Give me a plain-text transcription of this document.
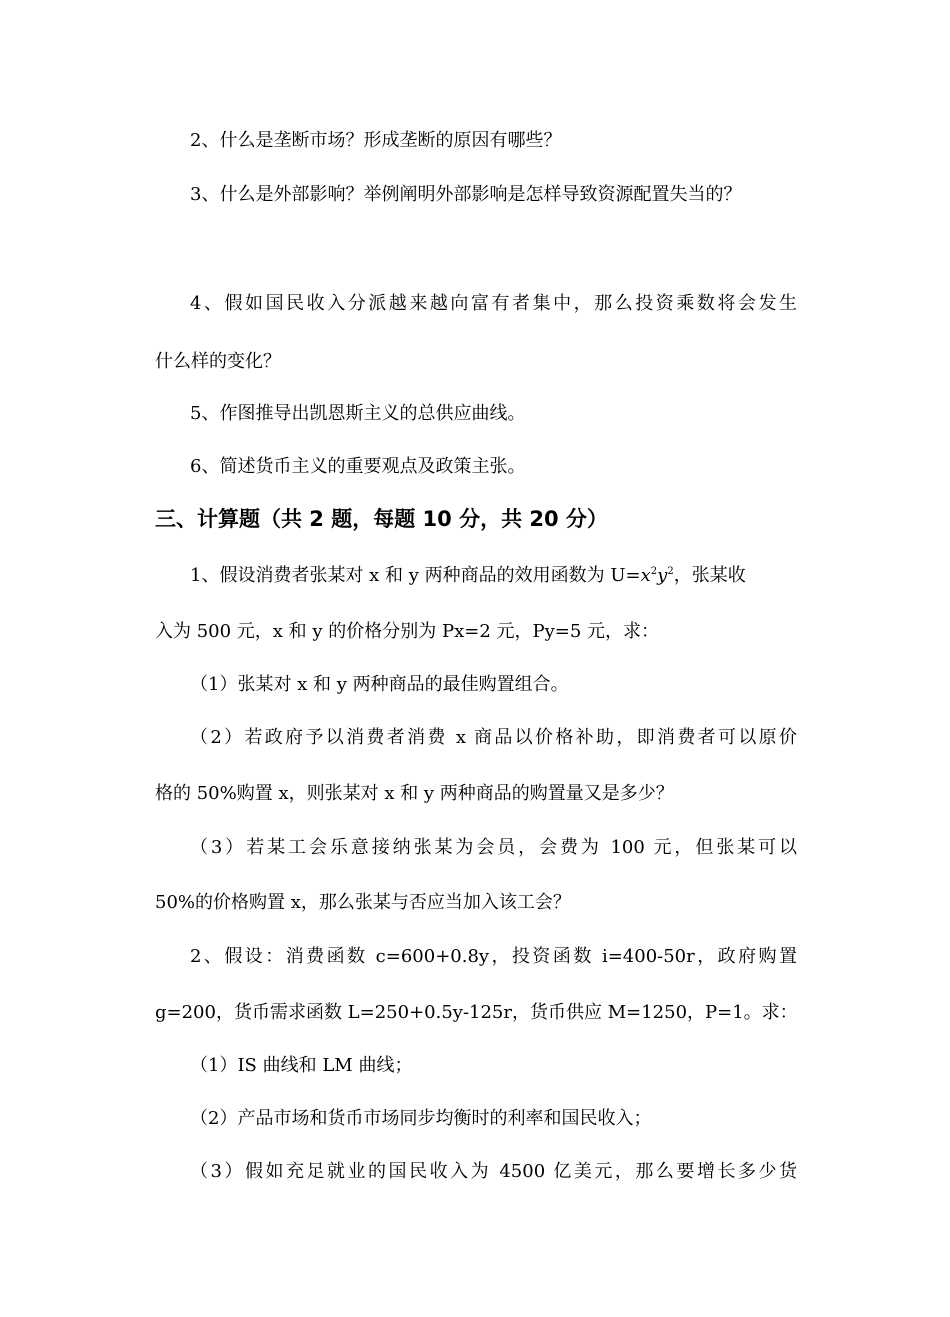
2、什么是垄断市场？形成垄断的原因有哪些？
3、什么是外部影响？举例阐明外部影响是怎样导致资源配置失当的？
4、假如国民收入分派越来越向富有者集中，那么投资乘数将会发生
什么样的变化？
5、作图推导出凯恩斯主义的总供应曲线。
6、简述货币主义的重要观点及政策主张。
三、计算题（共 2 题，每题 10 分，共 20 分）
1、假设消费者张某对 x 和 y 两种商品的效用函数为 $U=x^2y^2$，张某收
入为 500 元，x 和 y 的价格分别为 Px=2 元，Py=5 元，求：
（1）张某对 x 和 y 两种商品的最佳购置组合。
（2）若政府予以消费者消费 x 商品以价格补助，即消费者可以原价
格的 50%购置 x，则张某对 x 和 y 两种商品的购置量又是多少？
（3）若某工会乐意接纳张某为会员，会费为 100 元，但张某可以
50%的价格购置 x，那么张某与否应当加入该工会？
2、假设：消费函数 c=600+0.8y，投资函数 i=400-50r，政府购置
g=200，货币需求函数 L=250+0.5y-125r，货币供应 M=1250，P=1。求：
（1）IS 曲线和 LM 曲线；
（2）产品市场和货币市场同步均衡时的利率和国民收入；
（3）假如充足就业的国民收入为 4500 亿美元，那么要增长多少货
